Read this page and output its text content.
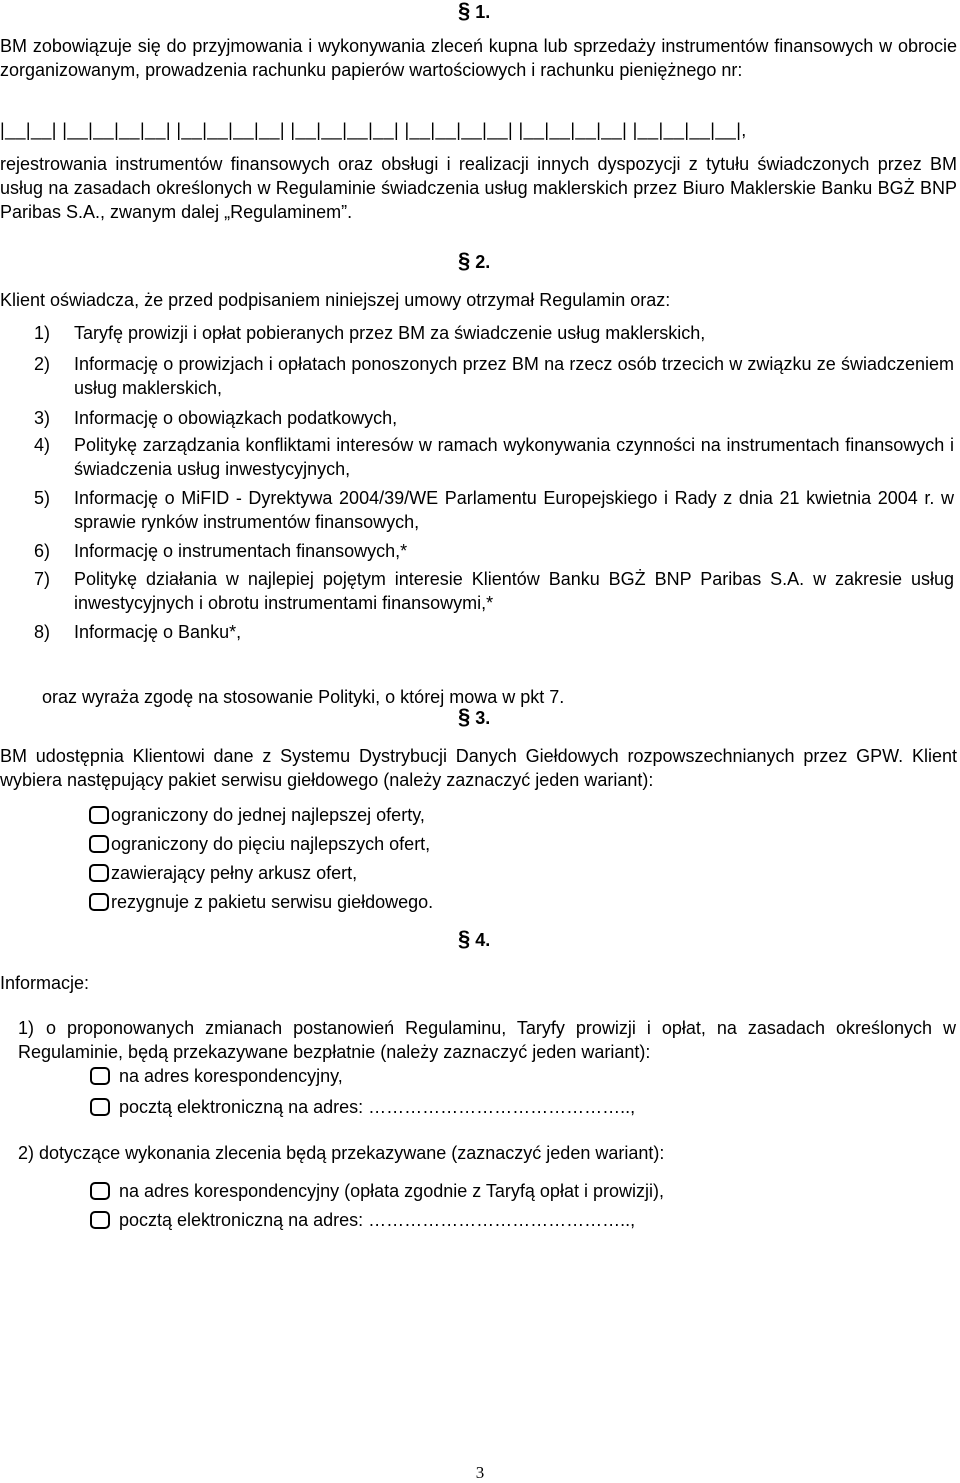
§ 1.
BM zobowiązuje się do przyjmowania i wykonywania zleceń kupna lub sprzedaży instrumentów finansowych w obrocie zorganizowanym, prowadzenia rachunku papierów wartościowych i rachunku pieniężnego nr:
|__|__| |__|__|__|__| |__|__|__|__| |__|__|__|__| |__|__|__|__| |__|__|__|__| |__|__|__|__|,
rejestrowania instrumentów finansowych oraz obsługi i realizacji innych dyspozycji z tytułu świadczonych przez BM usług na zasadach określonych w Regulaminie świadczenia usług maklerskich przez Biuro Maklerskie Banku BGŻ BNP Paribas S.A., zwanym dalej „Regulaminem”.
§ 2.
Klient oświadcza, że przed podpisaniem niniejszej umowy otrzymał Regulamin oraz:
1)	Taryfę prowizji i opłat pobieranych przez BM za świadczenie usług maklerskich,
2)	Informację o prowizjach i opłatach ponoszonych przez BM na rzecz osób trzecich w związku ze świadczeniem usług maklerskich,
3)	Informację o obowiązkach podatkowych,
4)	Politykę zarządzania konfliktami interesów w ramach wykonywania czynności na instrumentach finansowych i świadczenia usług inwestycyjnych,
5)	Informację o MiFID - Dyrektywa 2004/39/WE Parlamentu Europejskiego i Rady z dnia 21 kwietnia 2004 r. w sprawie rynków instrumentów finansowych,
6)	Informację o instrumentach finansowych,*
7)	Politykę działania w najlepiej pojętym interesie Klientów Banku BGŻ BNP Paribas S.A. w zakresie usług inwestycyjnych i obrotu instrumentami finansowymi,*
8)	Informację o Banku*,
oraz wyraża zgodę na stosowanie Polityki, o której mowa w pkt 7.
§ 3.
BM udostępnia Klientowi dane z Systemu Dystrybucji Danych Giełdowych rozpowszechnianych przez GPW. Klient wybiera następujący pakiet serwisu giełdowego (należy zaznaczyć jeden wariant):
ograniczony do jednej najlepszej oferty,
ograniczony do pięciu najlepszych ofert,
zawierający pełny arkusz ofert,
rezygnuje z pakietu serwisu giełdowego.
§ 4.
Informacje:
1) o proponowanych zmianach postanowień Regulaminu, Taryfy prowizji i opłat, na zasadach określonych w Regulaminie, będą przekazywane bezpłatnie (należy zaznaczyć jeden wariant):
na adres korespondencyjny,
pocztą elektroniczną na adres: ……………………………………..,
2) dotyczące wykonania zlecenia będą przekazywane (zaznaczyć jeden wariant):
na adres korespondencyjny (opłata zgodnie z Taryfą opłat i prowizji),
pocztą elektroniczną na adres: ……………………………………..,
3
